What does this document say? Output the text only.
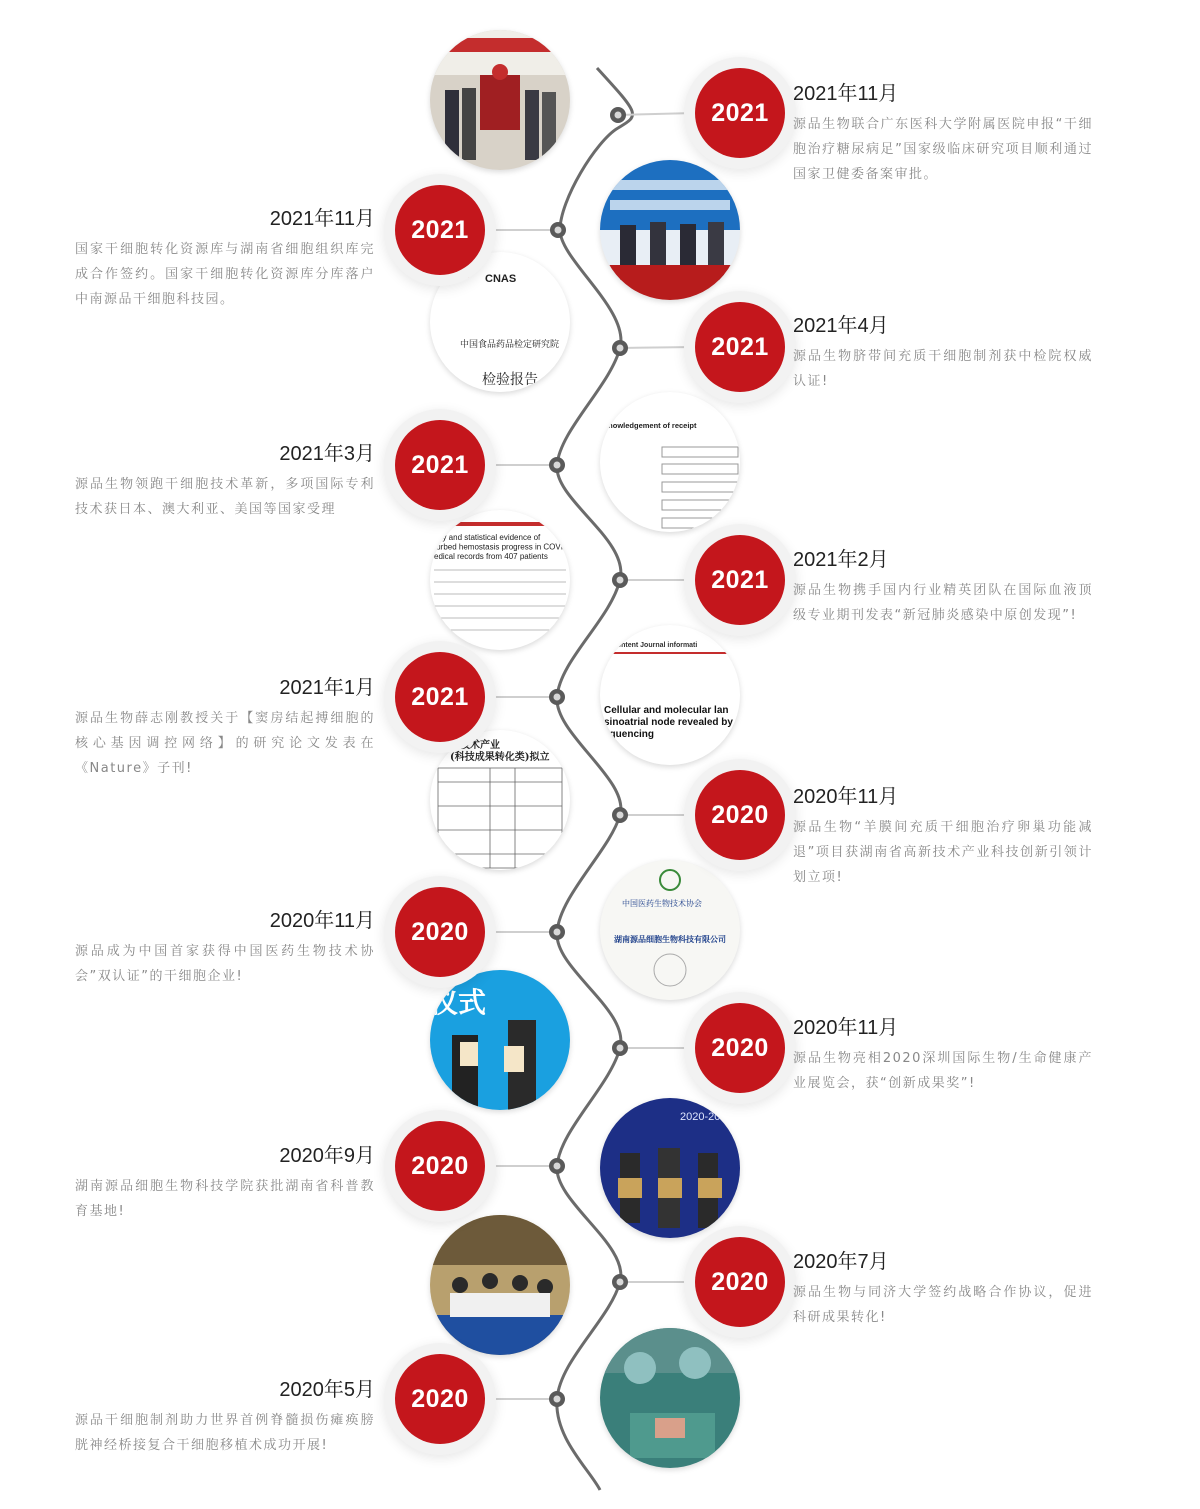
CNAS
中国食品药品检定研究院
检验报告
knowledgement of receipt
psy and statistical evidence of turbed hemostasis progress in COVI edical records from 407 patients
ur content Journal informati
Cellular and molecular lan sinoatrial node revealed by equencing
新技术产业(科技成果转化类)拟立
中国医药生物技术协会
湖南源品细胞生物科技有限公司
仪式
2020-20
2021
2021年11月
源品生物联合广东医科大学附属医院申报“干细胞治疗糖尿病足”国家级临床研究项目顺利通过国家卫健委备案审批。
2021
2021年11月
国家干细胞转化资源库与湖南省细胞组织库完成合作签约。国家干细胞转化资源库分库落户中南源品干细胞科技园。
2021
2021年4月
源品生物脐带间充质干细胞制剂获中检院权威认证!
2021
2021年3月
源品生物领跑干细胞技术革新，多项国际专利技术获日本、澳大利亚、美国等国家受理
2021
2021年2月
源品生物携手国内行业精英团队在国际血液顶级专业期刊发表“新冠肺炎感染中原创发现”!
2021
2021年1月
源品生物薛志刚教授关于【窦房结起搏细胞的核心基因调控网络】的研究论文发表在《Nature》子刊!
2020
2020年11月
源品生物“羊膜间充质干细胞治疗卵巢功能减退”项目获湖南省高新技术产业科技创新引领计划立项!
2020
2020年11月
源品成为中国首家获得中国医药生物技术协会”双认证”的干细胞企业!
2020
2020年11月
源品生物亮相2020深圳国际生物/生命健康产业展览会，获“创新成果奖”!
2020
2020年9月
湖南源品细胞生物科技学院获批湖南省科普教育基地!
2020
2020年7月
源品生物与同济大学签约战略合作协议，促进科研成果转化!
2020
2020年5月
源品干细胞制剂助力世界首例脊髓损伤瘫痪膀胱神经桥接复合干细胞移植术成功开展!
